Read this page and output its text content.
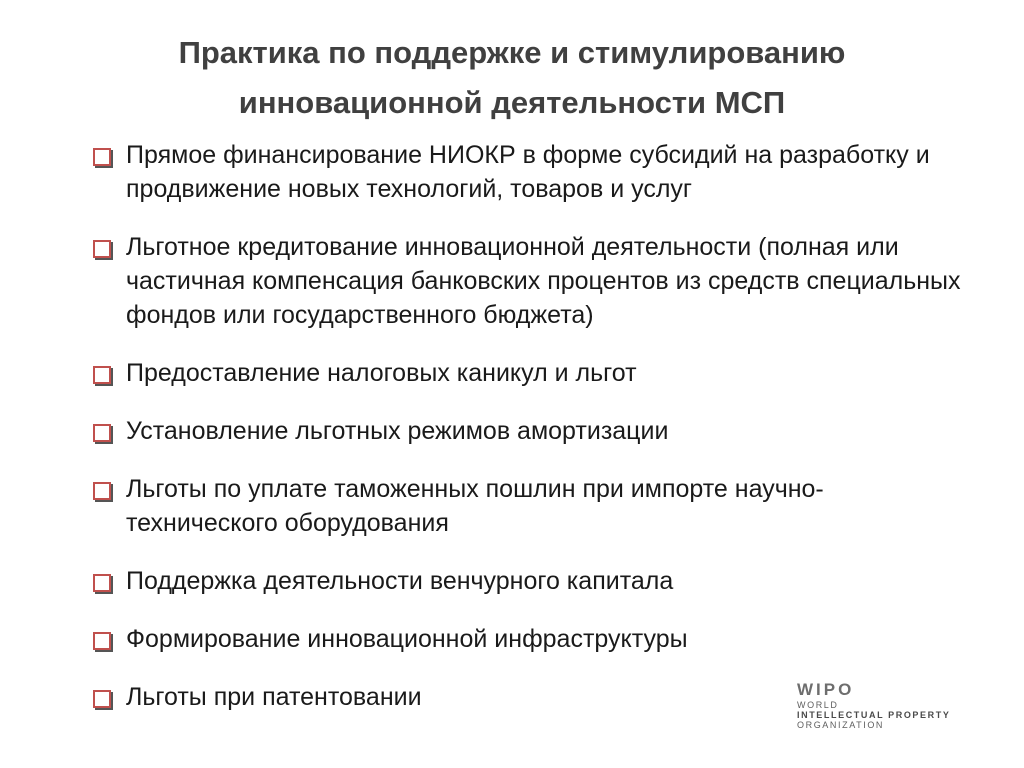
Практика по поддержке и стимулированию
инновационной деятельности МСП
Прямое финансирование НИОКР в форме субсидий на разработку и продвижение новых технологий, товаров и услуг
Льготное кредитование инновационной деятельности (полная или частичная компенсация банковских процентов из средств специальных фондов или государственного бюджета)
Предоставление налоговых каникул и льгот
Установление льготных режимов амортизации
Льготы по уплате таможенных пошлин при импорте научно-технического оборудования
Поддержка деятельности венчурного капитала
Формирование инновационной инфраструктуры
Льготы при патентовании	WIPO
WORLD
INTELLECTUAL PROPERTY
ORGANIZATION
